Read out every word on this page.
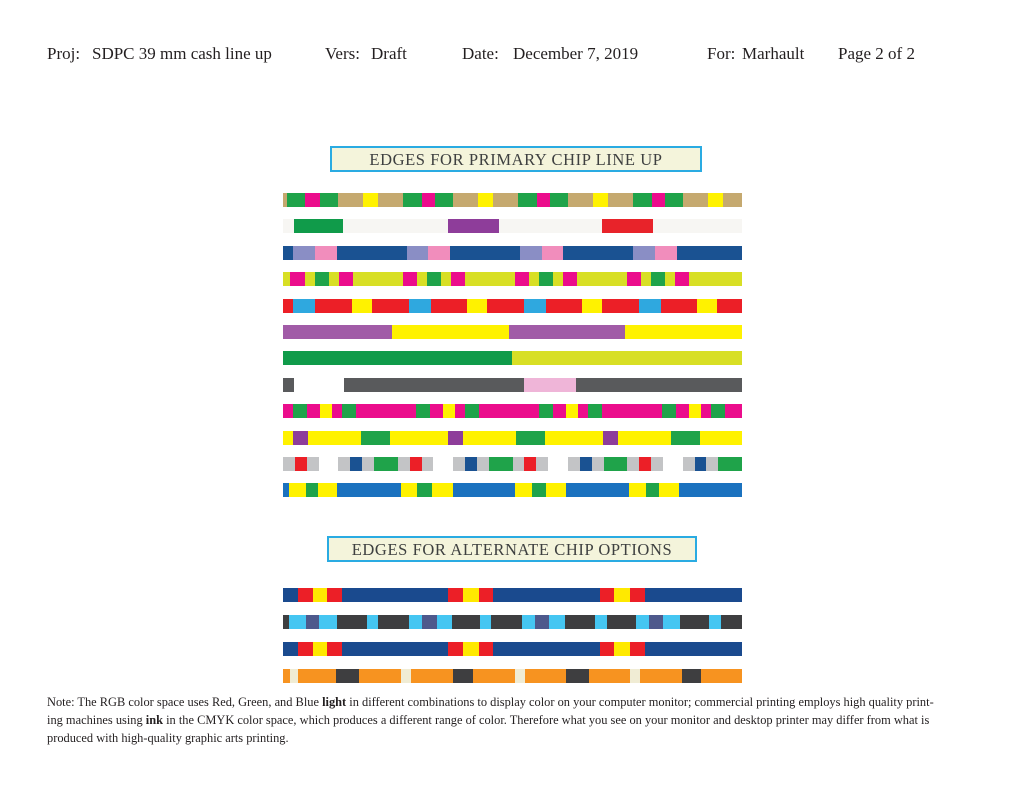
Proj: SDPC 39 mm cash line up	Vers: Draft	Date: December 7, 2019	For: Marhault Page 2 of 2
EDGES FOR PRIMARY CHIP LINE UP
EDGES FOR ALTERNATE CHIP OPTIONS
Note: The RGB color space uses Red, Green, and Blue light in different combinations to display color on your computer monitor; commercial printing employs high quality print-
ing machines using ink in the CMYK color space, which produces a different range of color. Therefore what you see on your monitor and desktop printer may differ from what is
produced with high-quality graphic arts printing.
